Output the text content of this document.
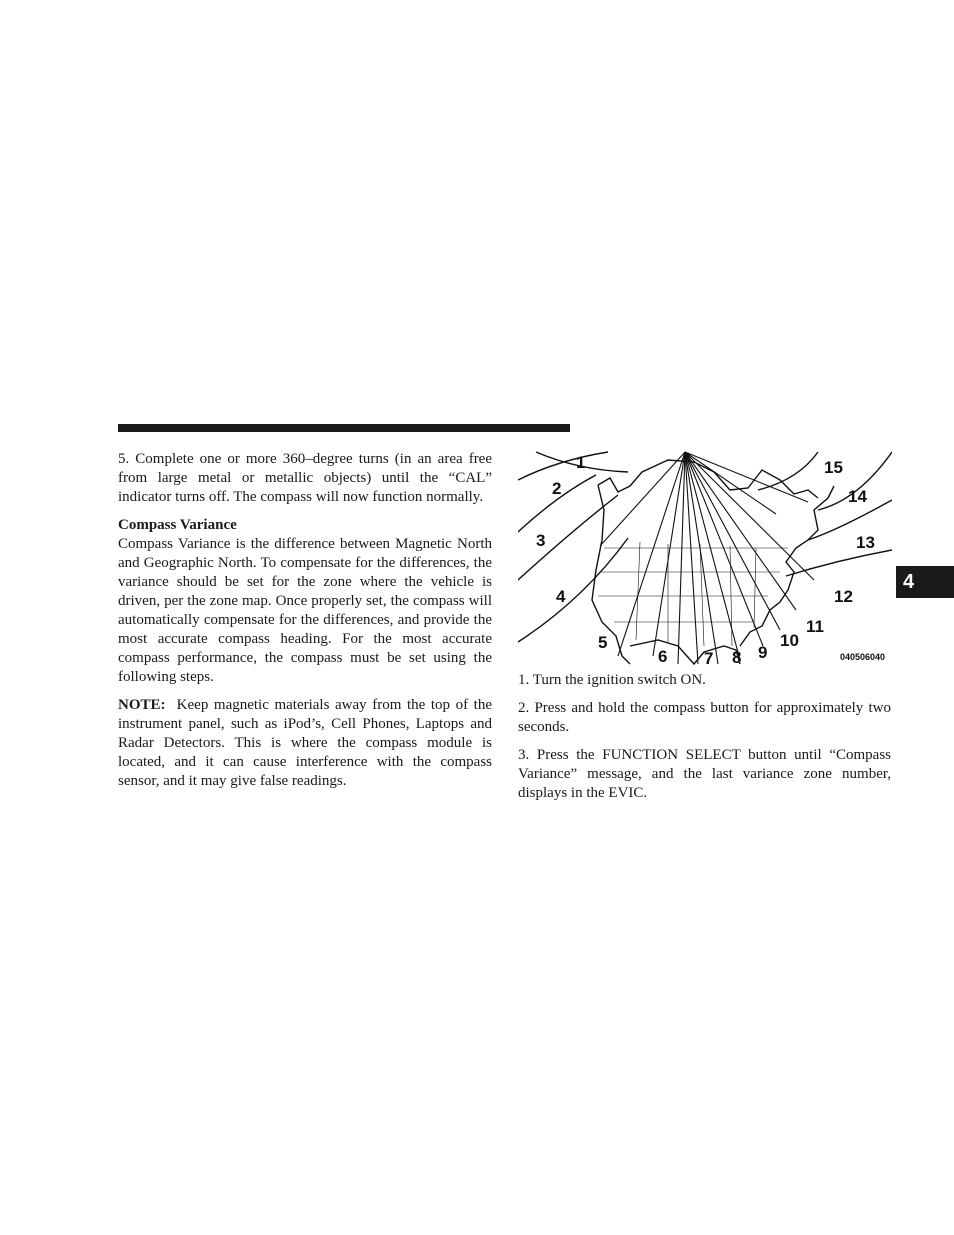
5. Complete one or more 360–degree turns (in an area free from large metal or metallic objects) until the “CAL” indicator turns off. The compass will now function normally.

Compass Variance

Compass Variance is the difference between Magnetic North and Geographic North. To compensate for the differences, the variance should be set for the zone where the vehicle is driven, per the zone map. Once properly set, the compass will automatically compensate for the differences, and provide the most accurate compass heading. For the most accurate compass performance, the compass must be set using the following steps.

NOTE: Keep magnetic materials away from the top of the instrument panel, such as iPod’s, Cell Phones, Laptops and Radar Detectors. This is where the compass module is located, and it can cause interference with the compass sensor, and it may give false readings.

1
2
3
4
5
6 7 8 9
10
11
12
13
14
15
040506040

1. Turn the ignition switch ON.

2. Press and hold the compass button for approximately two seconds.

3. Press the FUNCTION SELECT button until “Compass Variance” message, and the last variance zone number, displays in the EVIC.

4
